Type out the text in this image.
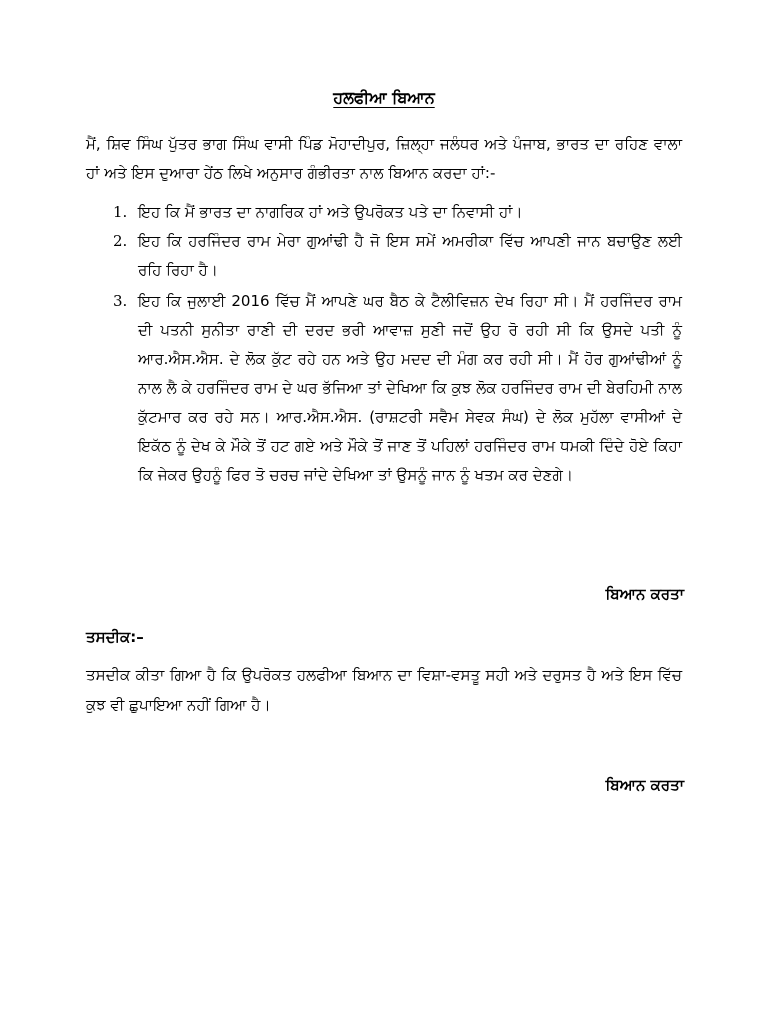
ਹਲਫੀਆ ਬਿਆਨ
ਮੈਂ, ਸ਼ਿਵ ਸਿੰਘ ਪੁੱਤਰ ਭਾਗ ਸਿੰਘ ਵਾਸੀ ਪਿੰਡ ਮੋਹਾਦੀਪੁਰ, ਜ਼ਿਲ੍ਹਾ ਜਲੰਧਰ ਅਤੇ ਪੰਜਾਬ, ਭਾਰਤ ਦਾ ਰਹਿਣ ਵਾਲਾ ਹਾਂ ਅਤੇ ਇਸ ਦੁਆਰਾ ਹੇਂਠ ਲਿਖੇ ਅਨੁਸਾਰ ਗੰਭੀਰਤਾ ਨਾਲ ਬਿਆਨ ਕਰਦਾ ਹਾਂ:-
1. ਇਹ ਕਿ ਮੈਂ ਭਾਰਤ ਦਾ ਨਾਗਰਿਕ ਹਾਂ ਅਤੇ ਉਪਰੋਕਤ ਪਤੇ ਦਾ ਨਿਵਾਸੀ ਹਾਂ।
2. ਇਹ ਕਿ ਹਰਜਿੰਦਰ ਰਾਮ ਮੇਰਾ ਗੁਆਂਢੀ ਹੈ ਜੋ ਇਸ ਸਮੇਂ ਅਮਰੀਕਾ ਵਿੱਚ ਆਪਣੀ ਜਾਨ ਬਚਾਉਣ ਲਈ ਰਹਿ ਰਿਹਾ ਹੈ।
3. ਇਹ ਕਿ ਜੁਲਾਈ 2016 ਵਿੱਚ ਮੈਂ ਆਪਣੇ ਘਰ ਬੈਠ ਕੇ ਟੈਲੀਵਿਜ਼ਨ ਦੇਖ ਰਿਹਾ ਸੀ। ਮੈਂ ਹਰਜਿੰਦਰ ਰਾਮ ਦੀ ਪਤਨੀ ਸੁਨੀਤਾ ਰਾਣੀ ਦੀ ਦਰਦ ਭਰੀ ਆਵਾਜ਼ ਸੁਣੀ ਜਦੋਂ ਉਹ ਰੋ ਰਹੀ ਸੀ ਕਿ ਉਸਦੇ ਪਤੀ ਨੂੰ ਆਰ.ਐਸ.ਐਸ. ਦੇ ਲੋਕ ਕੁੱਟ ਰਹੇ ਹਨ ਅਤੇ ਉਹ ਮਦਦ ਦੀ ਮੰਗ ਕਰ ਰਹੀ ਸੀ। ਮੈਂ ਹੋਰ ਗੁਆਂਢੀਆਂ ਨੂੰ ਨਾਲ ਲੈ ਕੇ ਹਰਜਿੰਦਰ ਰਾਮ ਦੇ ਘਰ ਭੱਜਿਆ ਤਾਂ ਦੇਖਿਆ ਕਿ ਕੁਝ ਲੋਕ ਹਰਜਿੰਦਰ ਰਾਮ ਦੀ ਬੇਰਹਿਮੀ ਨਾਲ ਕੁੱਟਮਾਰ ਕਰ ਰਹੇ ਸਨ। ਆਰ.ਐਸ.ਐਸ. (ਰਾਸ਼ਟਰੀ ਸਵੈਮ ਸੇਵਕ ਸੰਘ) ਦੇ ਲੋਕ ਮੁਹੱਲਾ ਵਾਸੀਆਂ ਦੇ ਇਕੱਠ ਨੂੰ ਦੇਖ ਕੇ ਮੌਕੇ ਤੋਂ ਹਟ ਗਏ ਅਤੇ ਮੌਕੇ ਤੋਂ ਜਾਣ ਤੋਂ ਪਹਿਲਾਂ ਹਰਜਿੰਦਰ ਰਾਮ ਧਮਕੀ ਦਿੰਦੇ ਹੋਏ ਕਿਹਾ ਕਿ ਜੇਕਰ ਉਹਨੂੰ ਫਿਰ ਤੋ ਚਰਚ ਜਾਂਦੇ ਦੇਖਿਆ ਤਾਂ ਉਸਨੂੰ ਜਾਨ ਨੂੰ ਖਤਮ ਕਰ ਦੇਣਗੇ।
ਬਿਆਨ ਕਰਤਾ
ਤਸਦੀਕ:–
ਤਸਦੀਕ ਕੀਤਾ ਗਿਆ ਹੈ ਕਿ ਉਪਰੋਕਤ ਹਲਫੀਆ ਬਿਆਨ ਦਾ ਵਿਸ਼ਾ-ਵਸਤੂ ਸਹੀ ਅਤੇ ਦਰੁਸਤ ਹੈ ਅਤੇ ਇਸ ਵਿੱਚ ਕੁਝ ਵੀ ਛੁਪਾਇਆ ਨਹੀਂ ਗਿਆ ਹੈ।
ਬਿਆਨ ਕਰਤਾ
